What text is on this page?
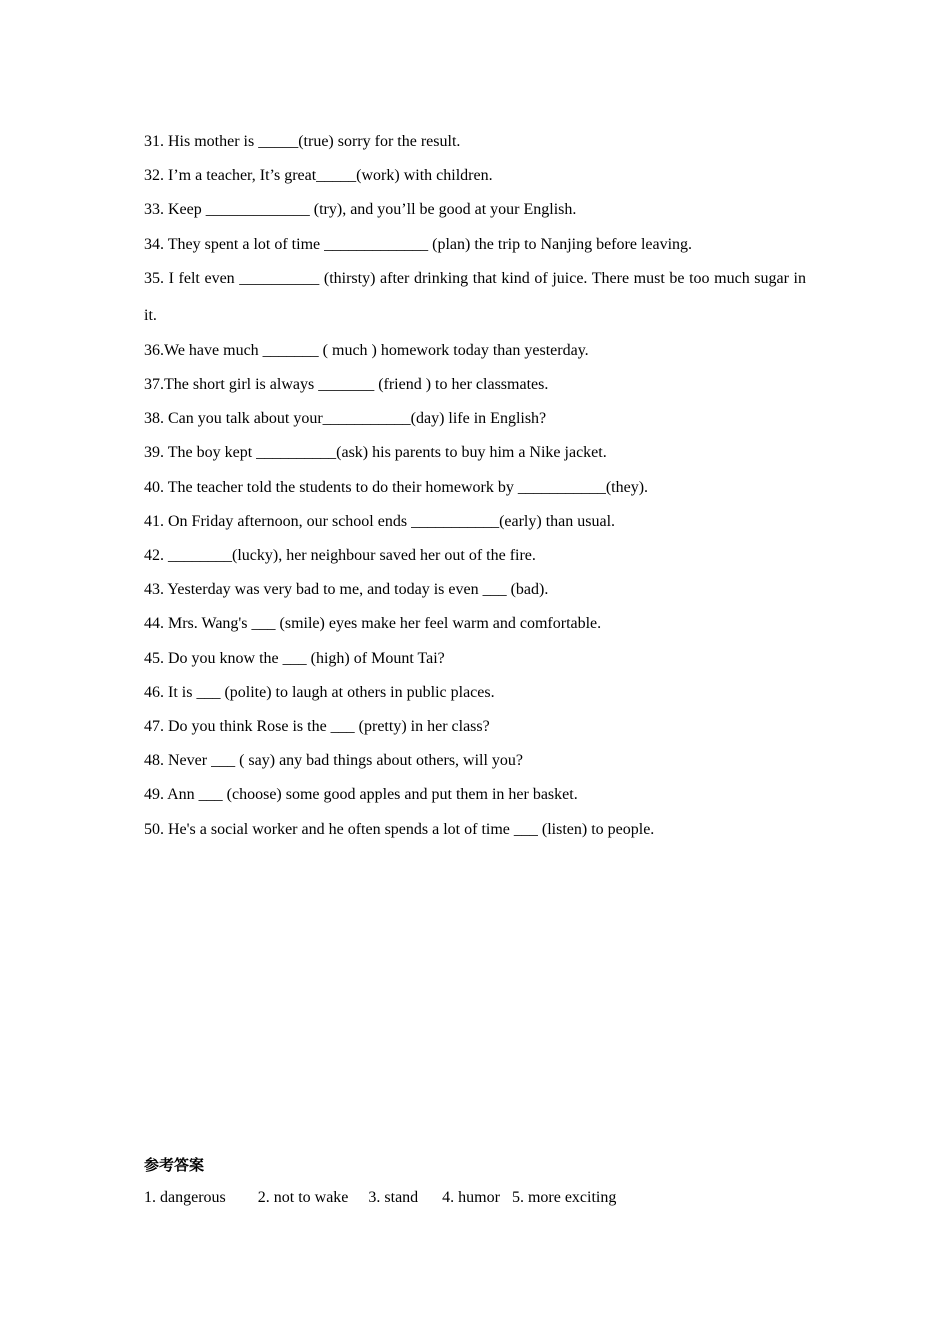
31. His mother is _____(true) sorry for the result.

32. I’m a teacher, It’s great_____(work) with children.

33. Keep _____________ (try), and you’ll be good at your English.

34. They spent a lot of time _____________ (plan) the trip to Nanjing before leaving.

35. I felt even __________ (thirsty) after drinking that kind of juice. There must be too much sugar in it.

36.We have much _______ ( much ) homework today than yesterday.

37.The short girl is always _______ (friend ) to her classmates.

38. Can you talk about your___________(day) life in English?

39. The boy kept __________(ask) his parents to buy him a Nike jacket.

40. The teacher told the students to do their homework by ___________(they).

41. On Friday afternoon, our school ends ___________(early) than usual.

42. ________(lucky), her neighbour saved her out of the fire.

43. Yesterday was very bad to me, and today is even ___ (bad).

44. Mrs. Wang's ___ (smile) eyes make her feel warm and comfortable.

45. Do you know the ___ (high) of Mount Tai?

46. It is ___ (polite) to laugh at others in public places.

47. Do you think Rose is the ___ (pretty) in her class?

48. Never ___ ( say) any bad things about others, will you?

49. Ann ___ (choose) some good apples and put them in her basket.

50. He's a social worker and he often spends a lot of time ___ (listen) to people.

参考答案

1. dangerous        2. not to wake     3. stand      4. humor   5. more exciting
